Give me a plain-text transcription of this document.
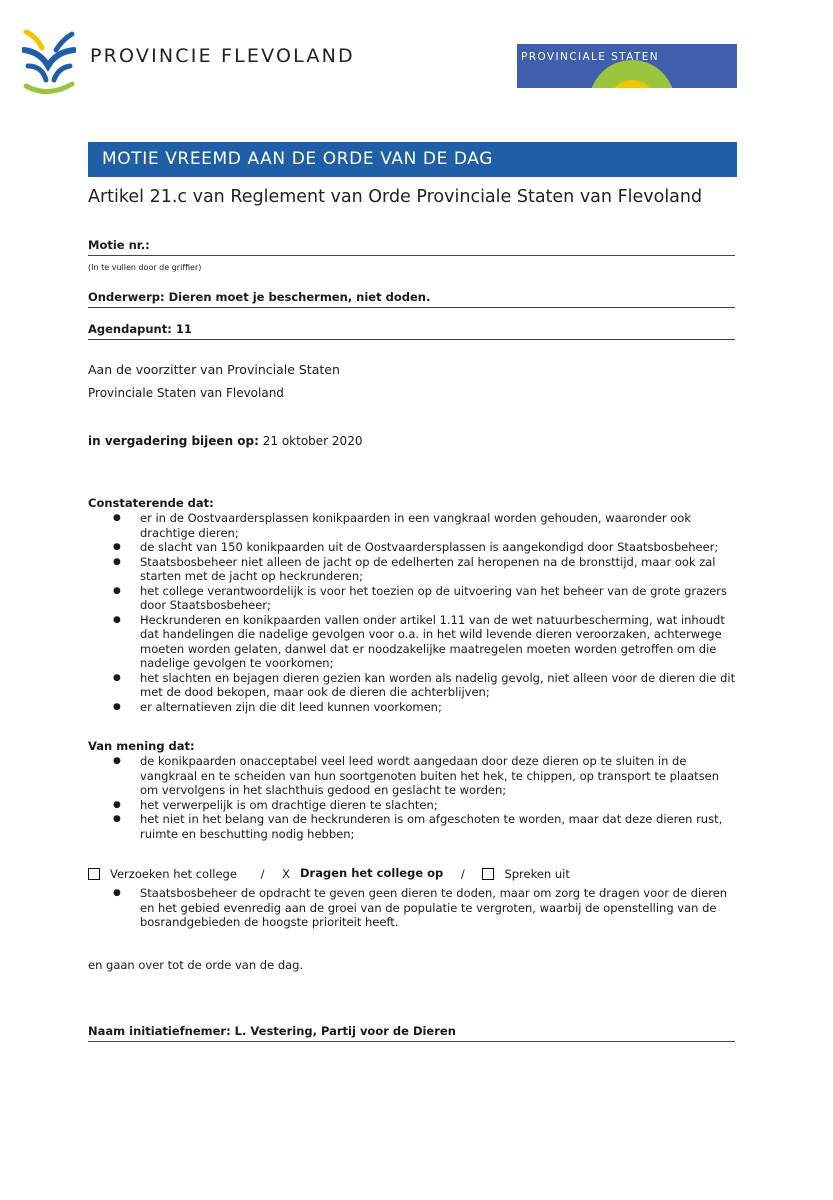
PROVINCIE FLEVOLAND	PROVINCIALE STATEN
MOTIE VREEMD AAN DE ORDE VAN DE DAG
Artikel 21.c van Reglement van Orde Provinciale Staten van Flevoland
Motie nr.:
(In te vullen door de griffier)
Onderwerp: Dieren moet je beschermen, niet doden.
Agendapunt: 11
Aan de voorzitter van Provinciale Staten
Provinciale Staten van Flevoland
in vergadering bijeen op: 21 oktober 2020
Constaterende dat:
● er in de Oostvaardersplassen konikpaarden in een vangkraal worden gehouden, waaronder ook drachtige dieren;
● de slacht van 150 konikpaarden uit de Oostvaardersplassen is aangekondigd door Staatsbosbeheer;
● Staatsbosbeheer niet alleen de jacht op de edelherten zal heropenen na de bronsttijd, maar ook zal starten met de jacht op heckrunderen;
● het college verantwoordelijk is voor het toezien op de uitvoering van het beheer van de grote grazers door Staatsbosbeheer;
● Heckrunderen en konikpaarden vallen onder artikel 1.11 van de wet natuurbescherming, wat inhoudt dat handelingen die nadelige gevolgen voor o.a. in het wild levende dieren veroorzaken, achterwege moeten worden gelaten, danwel dat er noodzakelijke maatregelen moeten worden getroffen om die nadelige gevolgen te voorkomen;
● het slachten en bejagen dieren gezien kan worden als nadelig gevolg, niet alleen voor de dieren die dit met de dood bekopen, maar ook de dieren die achterblijven;
● er alternatieven zijn die dit leed kunnen voorkomen;
Van mening dat:
● de konikpaarden onacceptabel veel leed wordt aangedaan door deze dieren op te sluiten in de vangkraal en te scheiden van hun soortgenoten buiten het hek, te chippen, op transport te plaatsen om vervolgens in het slachthuis gedood en geslacht te worden;
● het verwerpelijk is om drachtige dieren te slachten;
● het niet in het belang van de heckrunderen is om afgeschoten te worden, maar dat deze dieren rust, ruimte en beschutting nodig hebben;
Verzoeken het college / X Dragen het college op /	Spreken uit
● Staatsbosbeheer de opdracht te geven geen dieren te doden, maar om zorg te dragen voor de dieren en het gebied evenredig aan de groei van de populatie te vergroten, waarbij de openstelling van de bosrandgebieden de hoogste prioriteit heeft.
en gaan over tot de orde van de dag.
Naam initiatiefnemer: L. Vestering, Partij voor de Dieren
